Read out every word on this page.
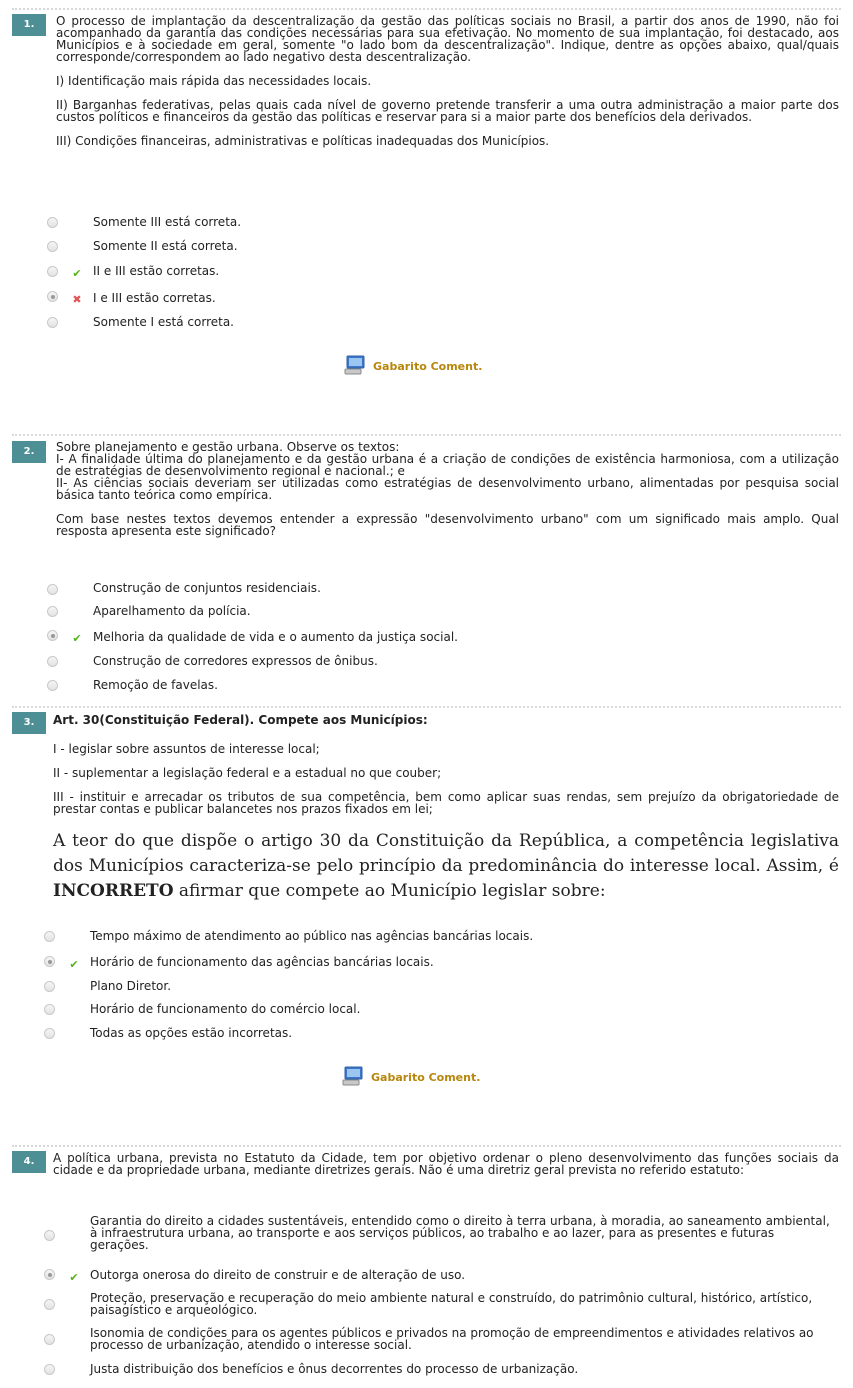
1.	O processo de implantação da descentralização da gestão das políticas sociais no Brasil, a partir dos anos de 1990, não foi acompanhado da garantia das condições necessárias para sua efetivação. No momento de sua implantação, foi destacado, aos Municípios e à sociedade em geral, somente "o lado bom da descentralização". Indique, dentre as opções abaixo, qual/quais corresponde/correspondem ao lado negativo desta descentralização.

I) Identificação mais rápida das necessidades locais.

II) Barganhas federativas, pelas quais cada nível de governo pretende transferir a uma outra administração a maior parte dos custos políticos e financeiros da gestão das políticas e reservar para si a maior parte dos benefícios dela derivados.

III) Condições financeiras, administrativas e políticas inadequadas dos Municípios.

Somente III está correta.
Somente II está correta.
✔ II e III estão corretas.
✖ I e III estão corretas.
Somente I está correta.
Gabarito Coment.
2.	Sobre planejamento e gestão urbana. Observe os textos:

I- A finalidade última do planejamento e da gestão urbana é a criação de condições de existência harmoniosa, com a utilização de estratégias de desenvolvimento regional e nacional.; e

II- As ciências sociais deveriam ser utilizadas como estratégias de desenvolvimento urbano, alimentadas por pesquisa social básica tanto teórica como empírica.

Com base nestes textos devemos entender a expressão "desenvolvimento urbano" com um significado mais amplo. Qual resposta apresenta este significado?

Construção de conjuntos residenciais.
Aparelhamento da polícia.
✔ Melhoria da qualidade de vida e o aumento da justiça social.
Construção de corredores expressos de ônibus.
Remoção de favelas.
3.	Art. 30(Constituição Federal). Compete aos Municípios:

I - legislar sobre assuntos de interesse local;

II - suplementar a legislação federal e a estadual no que couber;

III - instituir e arrecadar os tributos de sua competência, bem como aplicar suas rendas, sem prejuízo da obrigatoriedade de prestar contas e publicar balancetes nos prazos fixados em lei;

A teor do que dispõe o artigo 30 da Constituição da República, a competência legislativa dos Municípios caracteriza-se pelo princípio da predominância do interesse local. Assim, é INCORRETO afirmar que compete ao Município legislar sobre:

Tempo máximo de atendimento ao público nas agências bancárias locais.
✔ Horário de funcionamento das agências bancárias locais.
Plano Diretor.
Horário de funcionamento do comércio local.
Todas as opções estão incorretas.
Gabarito Coment.
4.	A política urbana, prevista no Estatuto da Cidade, tem por objetivo ordenar o pleno desenvolvimento das funções sociais da cidade e da propriedade urbana, mediante diretrizes gerais. Não é uma diretriz geral prevista no referido estatuto:

Garantia do direito a cidades sustentáveis, entendido como o direito à terra urbana, à moradia, ao saneamento ambiental, à infraestrutura urbana, ao transporte e aos serviços públicos, ao trabalho e ao lazer, para as presentes e futuras gerações.
✔ Outorga onerosa do direito de construir e de alteração de uso.
Proteção, preservação e recuperação do meio ambiente natural e construído, do patrimônio cultural, histórico, artístico, paisagístico e arqueológico.
Isonomia de condições para os agentes públicos e privados na promoção de empreendimentos e atividades relativos ao processo de urbanização, atendido o interesse social.
Justa distribuição dos benefícios e ônus decorrentes do processo de urbanização.
